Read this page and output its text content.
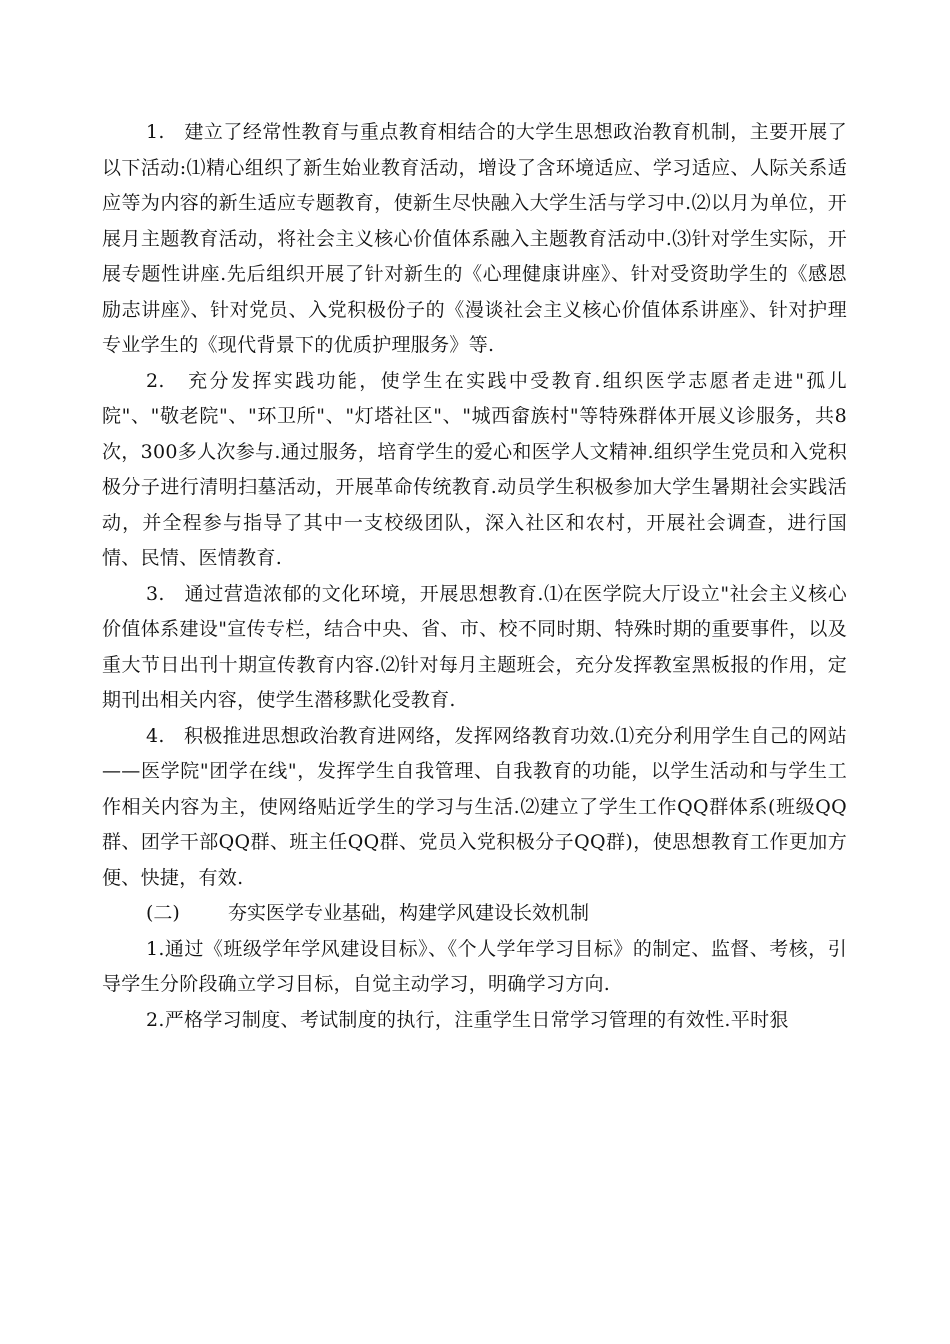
1.　建立了经常性教育与重点教育相结合的大学生思想政治教育机制，主要开展了以下活动:⑴精心组织了新生始业教育活动，增设了含环境适应、学习适应、人际关系适应等为内容的新生适应专题教育，使新生尽快融入大学生活与学习中.⑵以月为单位，开展月主题教育活动，将社会主义核心价值体系融入主题教育活动中.⑶针对学生实际，开展专题性讲座.先后组织开展了针对新生的《心理健康讲座》、针对受资助学生的《感恩励志讲座》、针对党员、入党积极份子的《漫谈社会主义核心价值体系讲座》、针对护理专业学生的《现代背景下的优质护理服务》等.

2.　充分发挥实践功能，使学生在实践中受教育.组织医学志愿者走进"孤儿院"、"敬老院"、"环卫所"、"灯塔社区"、"城西畲族村"等特殊群体开展义诊服务，共8次，300多人次参与.通过服务，培育学生的爱心和医学人文精神.组织学生党员和入党积极分子进行清明扫墓活动，开展革命传统教育.动员学生积极参加大学生暑期社会实践活动，并全程参与指导了其中一支校级团队，深入社区和农村，开展社会调查，进行国情、民情、医情教育.

3.　通过营造浓郁的文化环境，开展思想教育.⑴在医学院大厅设立"社会主义核心价值体系建设"宣传专栏，结合中央、省、市、校不同时期、特殊时期的重要事件，以及重大节日出刊十期宣传教育内容.⑵针对每月主题班会，充分发挥教室黑板报的作用，定期刊出相关内容，使学生潜移默化受教育.

4.　积极推进思想政治教育进网络，发挥网络教育功效.⑴充分利用学生自己的网站——医学院"团学在线"，发挥学生自我管理、自我教育的功能，以学生活动和与学生工作相关内容为主，使网络贴近学生的学习与生活.⑵建立了学生工作QQ群体系(班级QQ群、团学干部QQ群、班主任QQ群、党员入党积极分子QQ群)，使思想教育工作更加方便、快捷，有效.

(二)	夯实医学专业基础，构建学风建设长效机制

1.通过《班级学年学风建设目标》、《个人学年学习目标》的制定、监督、考核，引导学生分阶段确立学习目标，自觉主动学习，明确学习方向.

2.严格学习制度、考试制度的执行，注重学生日常学习管理的有效性.平时狠
